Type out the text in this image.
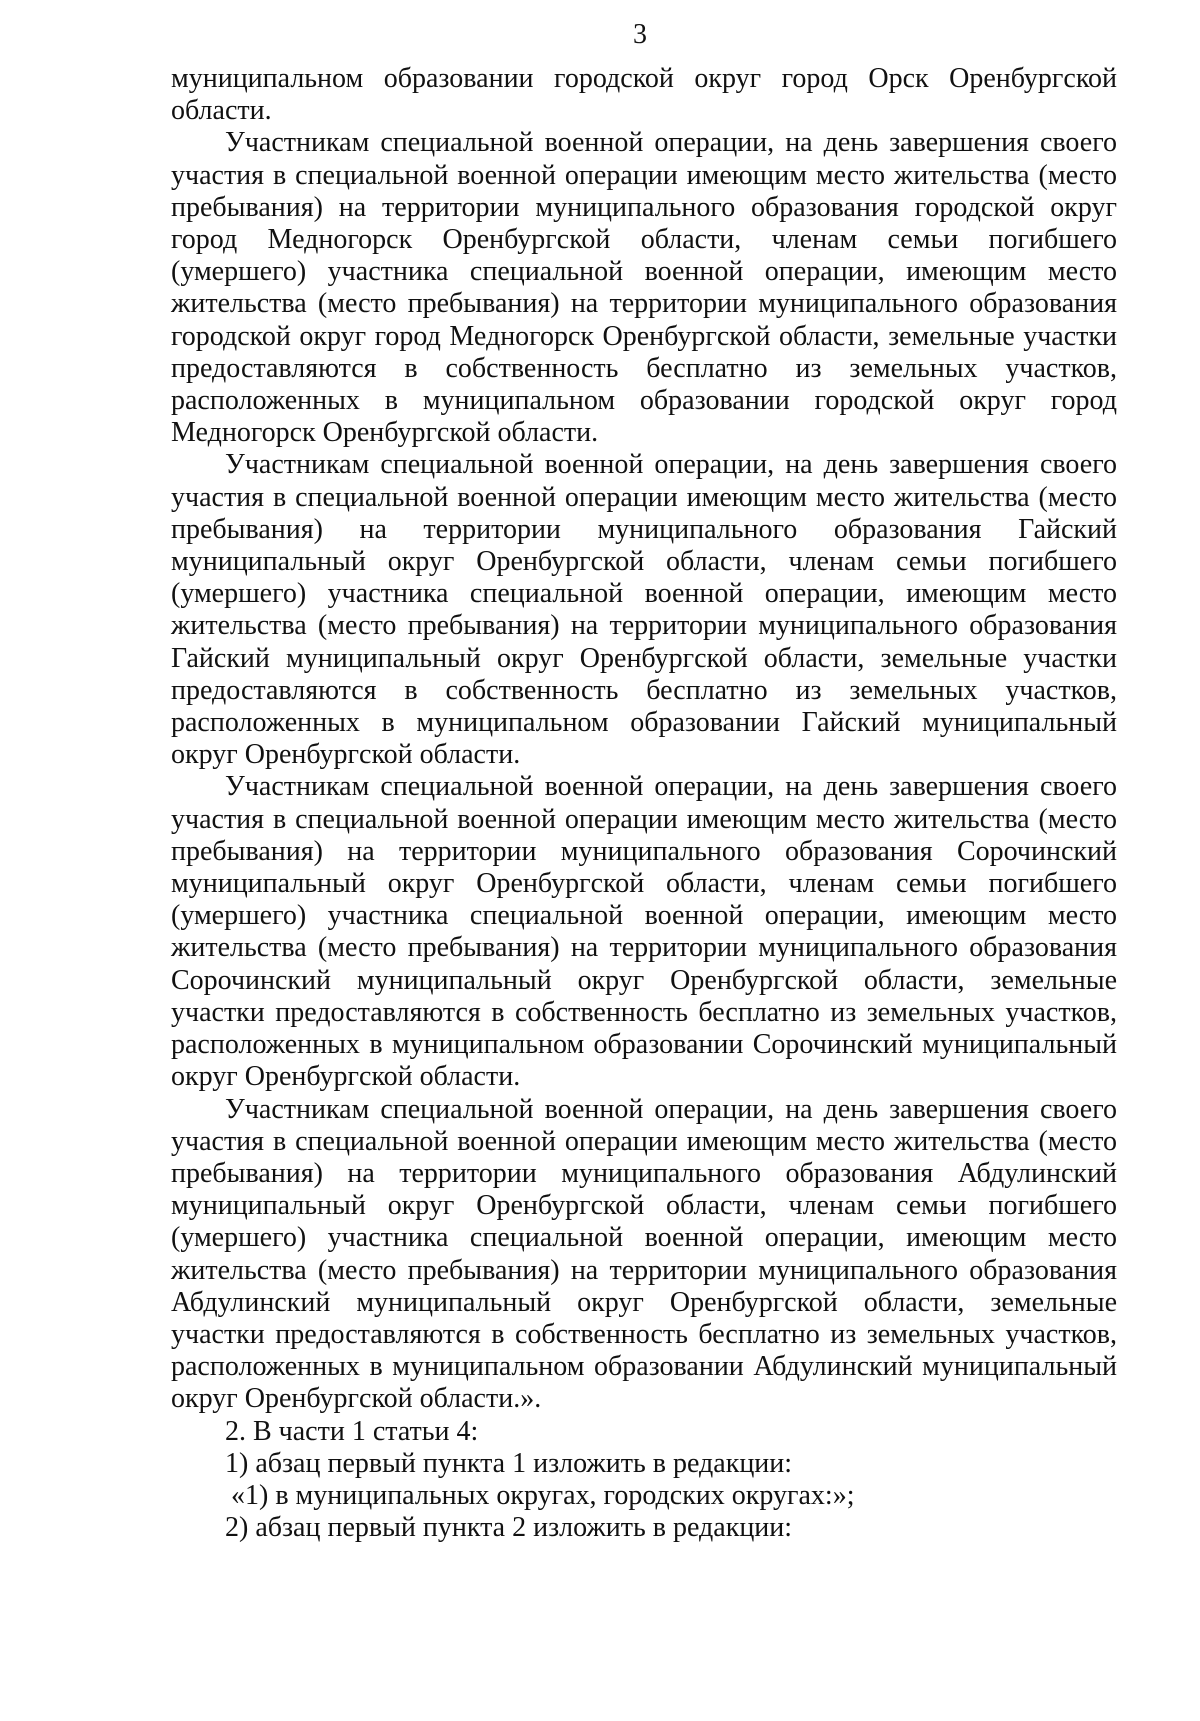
3

муниципальном образовании городской округ город Орск Оренбургской области.

Участникам специальной военной операции, на день завершения своего участия в специальной военной операции имеющим место жительства (место пребывания) на территории муниципального образования городской округ город Медногорск Оренбургской области, членам семьи погибшего (умершего) участника специальной военной операции, имеющим место жительства (место пребывания) на территории муниципального образования городской округ город Медногорск Оренбургской области, земельные участки предоставляются в собственность бесплатно из земельных участков, расположенных в муниципальном образовании городской округ город Медногорск Оренбургской области.

Участникам специальной военной операции, на день завершения своего участия в специальной военной операции имеющим место жительства (место пребывания) на территории муниципального образования Гайский муниципальный округ Оренбургской области, членам семьи погибшего (умершего) участника специальной военной операции, имеющим место жительства (место пребывания) на территории муниципального образования Гайский муниципальный округ Оренбургской области, земельные участки предоставляются в собственность бесплатно из земельных участков, расположенных в муниципальном образовании Гайский муниципальный округ Оренбургской области.

Участникам специальной военной операции, на день завершения своего участия в специальной военной операции имеющим место жительства (место пребывания) на территории муниципального образования Сорочинский муниципальный округ Оренбургской области, членам семьи погибшего (умершего) участника специальной военной операции, имеющим место жительства (место пребывания) на территории муниципального образования Сорочинский муниципальный округ Оренбургской области, земельные участки предоставляются в собственность бесплатно из земельных участков, расположенных в муниципальном образовании Сорочинский муниципальный округ Оренбургской области.

Участникам специальной военной операции, на день завершения своего участия в специальной военной операции имеющим место жительства (место пребывания) на территории муниципального образования Абдулинский муниципальный округ Оренбургской области, членам семьи погибшего (умершего) участника специальной военной операции, имеющим место жительства (место пребывания) на территории муниципального образования Абдулинский муниципальный округ Оренбургской области, земельные участки предоставляются в собственность бесплатно из земельных участков, расположенных в муниципальном образовании Абдулинский муниципальный округ Оренбургской области.».

2. В части 1 статьи 4:

1) абзац первый пункта 1 изложить в редакции:

«1) в муниципальных округах, городских округах:»;

2) абзац первый пункта 2 изложить в редакции:
